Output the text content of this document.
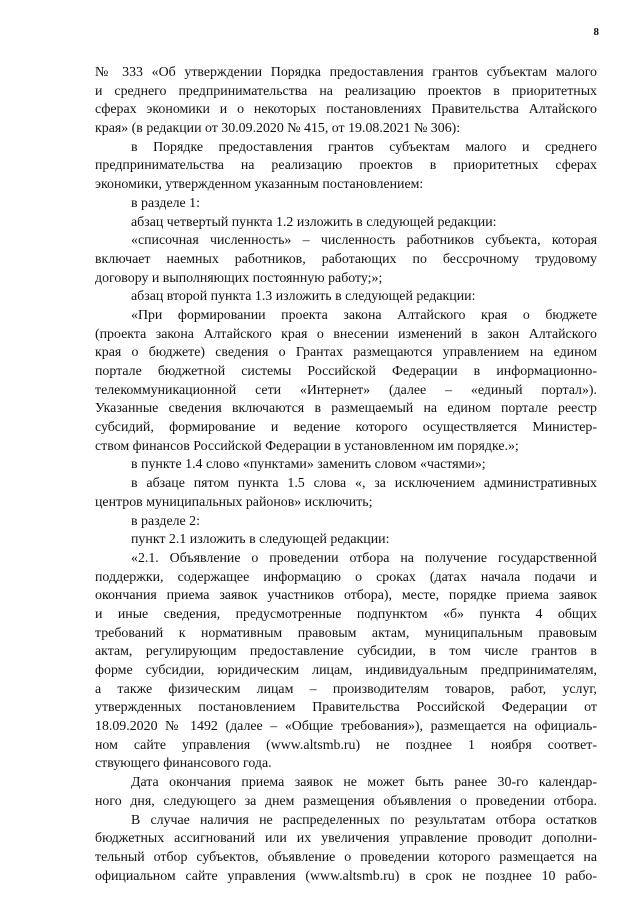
8
№ 333 «Об утверждении Порядка предоставления грантов субъектам малого
и среднего предпринимательства на реализацию проектов в приоритетных
сферах экономики и о некоторых постановлениях Правительства Алтайского
края» (в редакции от 30.09.2020 № 415, от 19.08.2021 № 306):
в Порядке предоставления грантов субъектам малого и среднего
предпринимательства на реализацию проектов в приоритетных сферах
экономики, утвержденном указанным постановлением:
в разделе 1:
абзац четвертый пункта 1.2 изложить в следующей редакции:
«списочная численность» – численность работников субъекта, которая
включает наемных работников, работающих по бессрочному трудовому
договору и выполняющих постоянную работу;»;
абзац второй пункта 1.3 изложить в следующей редакции:
«При формировании проекта закона Алтайского края о бюджете
(проекта закона Алтайского края о внесении изменений в закон Алтайского
края о бюджете) сведения о Грантах размещаются управлением на едином
портале бюджетной системы Российской Федерации в информационно-
телекоммуникационной сети «Интернет» (далее – «единый портал»).
Указанные сведения включаются в размещаемый на едином портале реестр
субсидий, формирование и ведение которого осуществляется Министер-
ством финансов Российской Федерации в установленном им порядке.»;
в пункте 1.4 слово «пунктами» заменить словом «частями»;
в абзаце пятом пункта 1.5 слова «, за исключением административных
центров муниципальных районов» исключить;
в разделе 2:
пункт 2.1 изложить в следующей редакции:
«2.1. Объявление о проведении отбора на получение государственной
поддержки, содержащее информацию о сроках (датах начала подачи и
окончания приема заявок участников отбора), месте, порядке приема заявок
и иные сведения, предусмотренные подпунктом «б» пункта 4 общих
требований к нормативным правовым актам, муниципальным правовым
актам, регулирующим предоставление субсидии, в том числе грантов в
форме субсидии, юридическим лицам, индивидуальным предпринимателям,
а также физическим лицам – производителям товаров, работ, услуг,
утвержденных постановлением Правительства Российской Федерации от
18.09.2020 № 1492 (далее – «Общие требования»), размещается на официаль-
ном сайте управления (www.altsmb.ru) не позднее 1 ноября соответ-
ствующего финансового года.
Дата окончания приема заявок не может быть ранее 30-го календар-
ного дня, следующего за днем размещения объявления о проведении отбора.
В случае наличия не распределенных по результатам отбора остатков
бюджетных ассигнований или их увеличения управление проводит дополни-
тельный отбор субъектов, объявление о проведении которого размещается на
официальном сайте управления (www.altsmb.ru) в срок не позднее 10 рабо-
